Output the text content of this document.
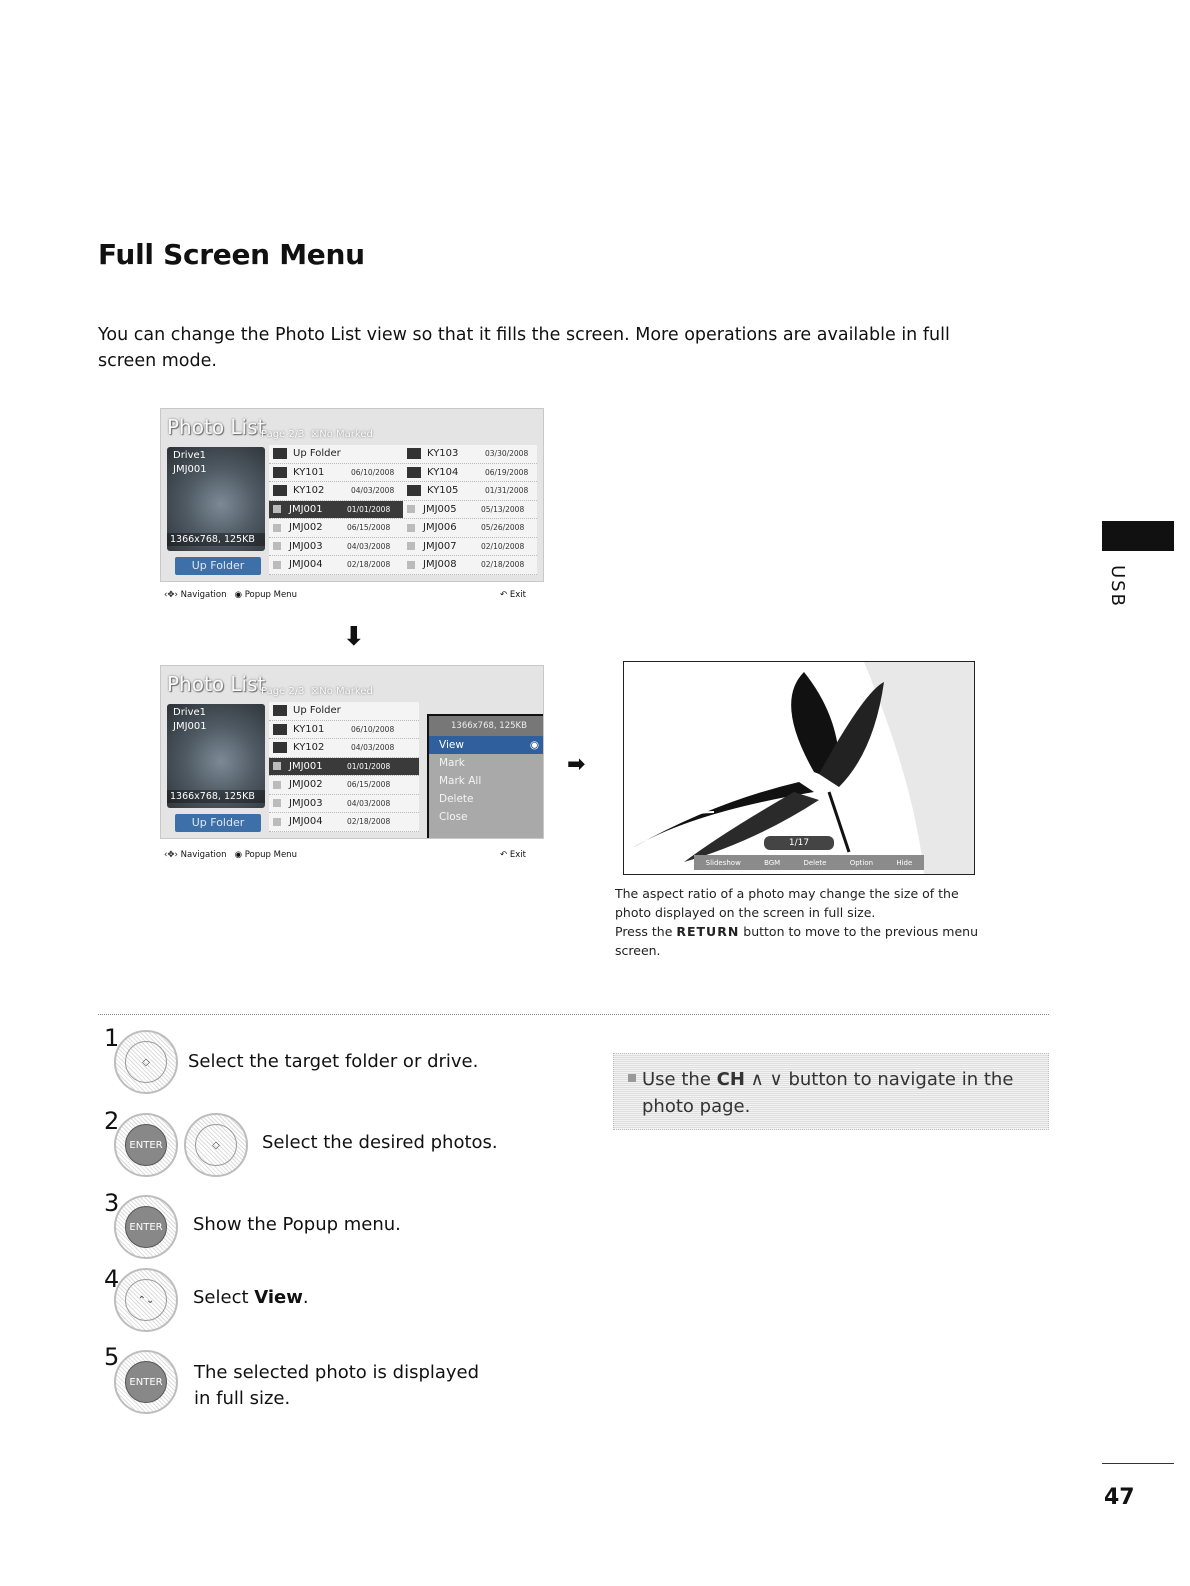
Full Screen Menu
You can change the Photo List view so that it fills the screen. More operations are available in full screen mode.
Photo List
Page 2/3  ⊠No Marked
Drive1
JMJ001
1366x768, 125KB
Up Folder
Up Folder	KY103	03/30/2008
KY101	06/10/2008	KY104	06/19/2008
KY102	04/03/2008	KY105	01/31/2008
JMJ001	01/01/2008	JMJ005	05/13/2008
JMJ002	06/15/2008	JMJ006	05/26/2008
JMJ003	04/03/2008	JMJ007	02/10/2008
JMJ004	02/18/2008	JMJ008	02/18/2008
‹✥› Navigation ◉ Popup Menu	↶ Exit
⬇
Photo List
Page 2/3  ⊠No Marked
Drive1
JMJ001
1366x768, 125KB
Up Folder
Up Folder
KY101	06/10/2008
KY102	04/03/2008
JMJ001	01/01/2008
JMJ002	06/15/2008
JMJ003	04/03/2008
JMJ004	02/18/2008
1366x768, 125KB
View	◉
Mark
Mark All
Delete
Close
‹✥› Navigation ◉ Popup Menu	↶ Exit
➡
1/17
Slideshow	BGM	Delete	Option	Hide
The aspect ratio of a photo may change the size of the photo displayed on the screen in full size.
Press the RETURN button to move to the previous menu screen.
1
◇	Select the target folder or drive.
2
ENTER	◇	Select the desired photos.
3
ENTER Show the Popup menu.
4
⌃⌄	Select View.
5
ENTER The selected photo is displayed in full size.
Use the CH ∧ ∨ button to navigate in the photo page.
USB
47
